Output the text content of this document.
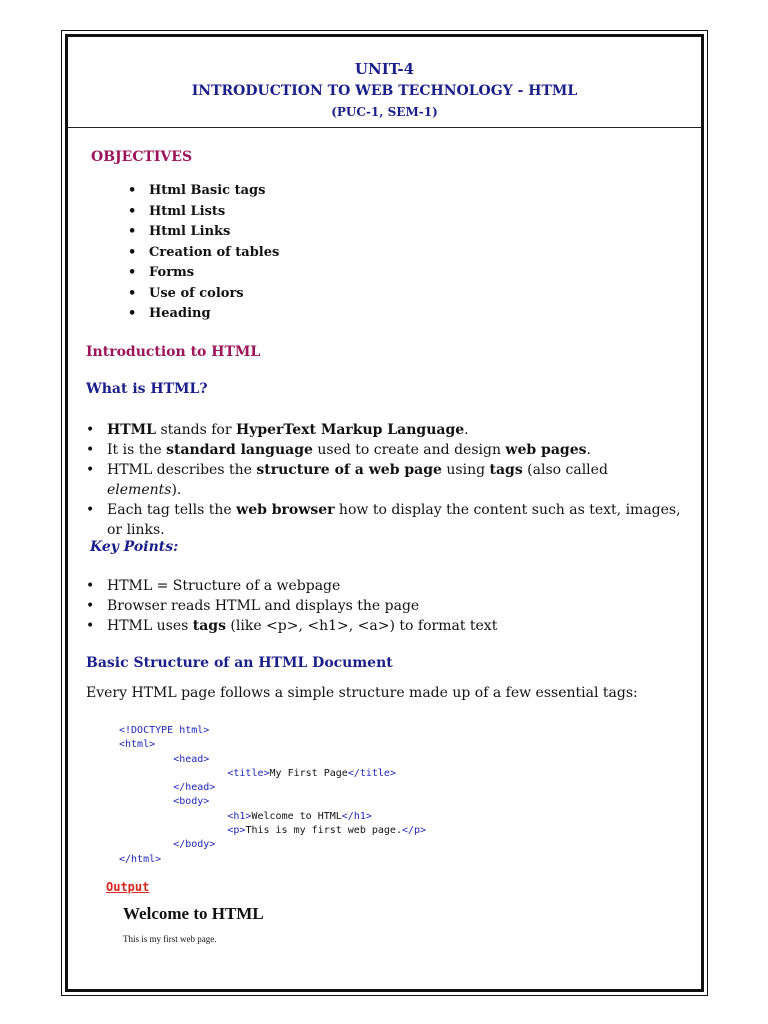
UNIT-4
INTRODUCTION TO WEB TECHNOLOGY - HTML
(PUC-1, SEM-1)
OBJECTIVES
• Html Basic tags
• Html Lists
• Html Links
• Creation of tables
• Forms
• Use of colors
• Heading
Introduction to HTML
What is HTML?
• HTML stands for HyperText Markup Language.
• It is the standard language used to create and design web pages.
• HTML describes the structure of a web page using tags (also called elements).
• Each tag tells the web browser how to display the content such as text, images, or links.
Key Points:
• HTML = Structure of a webpage
• Browser reads HTML and displays the page
• HTML uses tags (like <p>, <h1>, <a>) to format text
Basic Structure of an HTML Document
Every HTML page follows a simple structure made up of a few essential tags:
<!DOCTYPE html>
<html>
<head>
<title>My First Page</title>
</head>
<body>
<h1>Welcome to HTML</h1>
<p>This is my first web page.</p>
</body>
</html>
Output
Welcome to HTML
This is my first web page.
